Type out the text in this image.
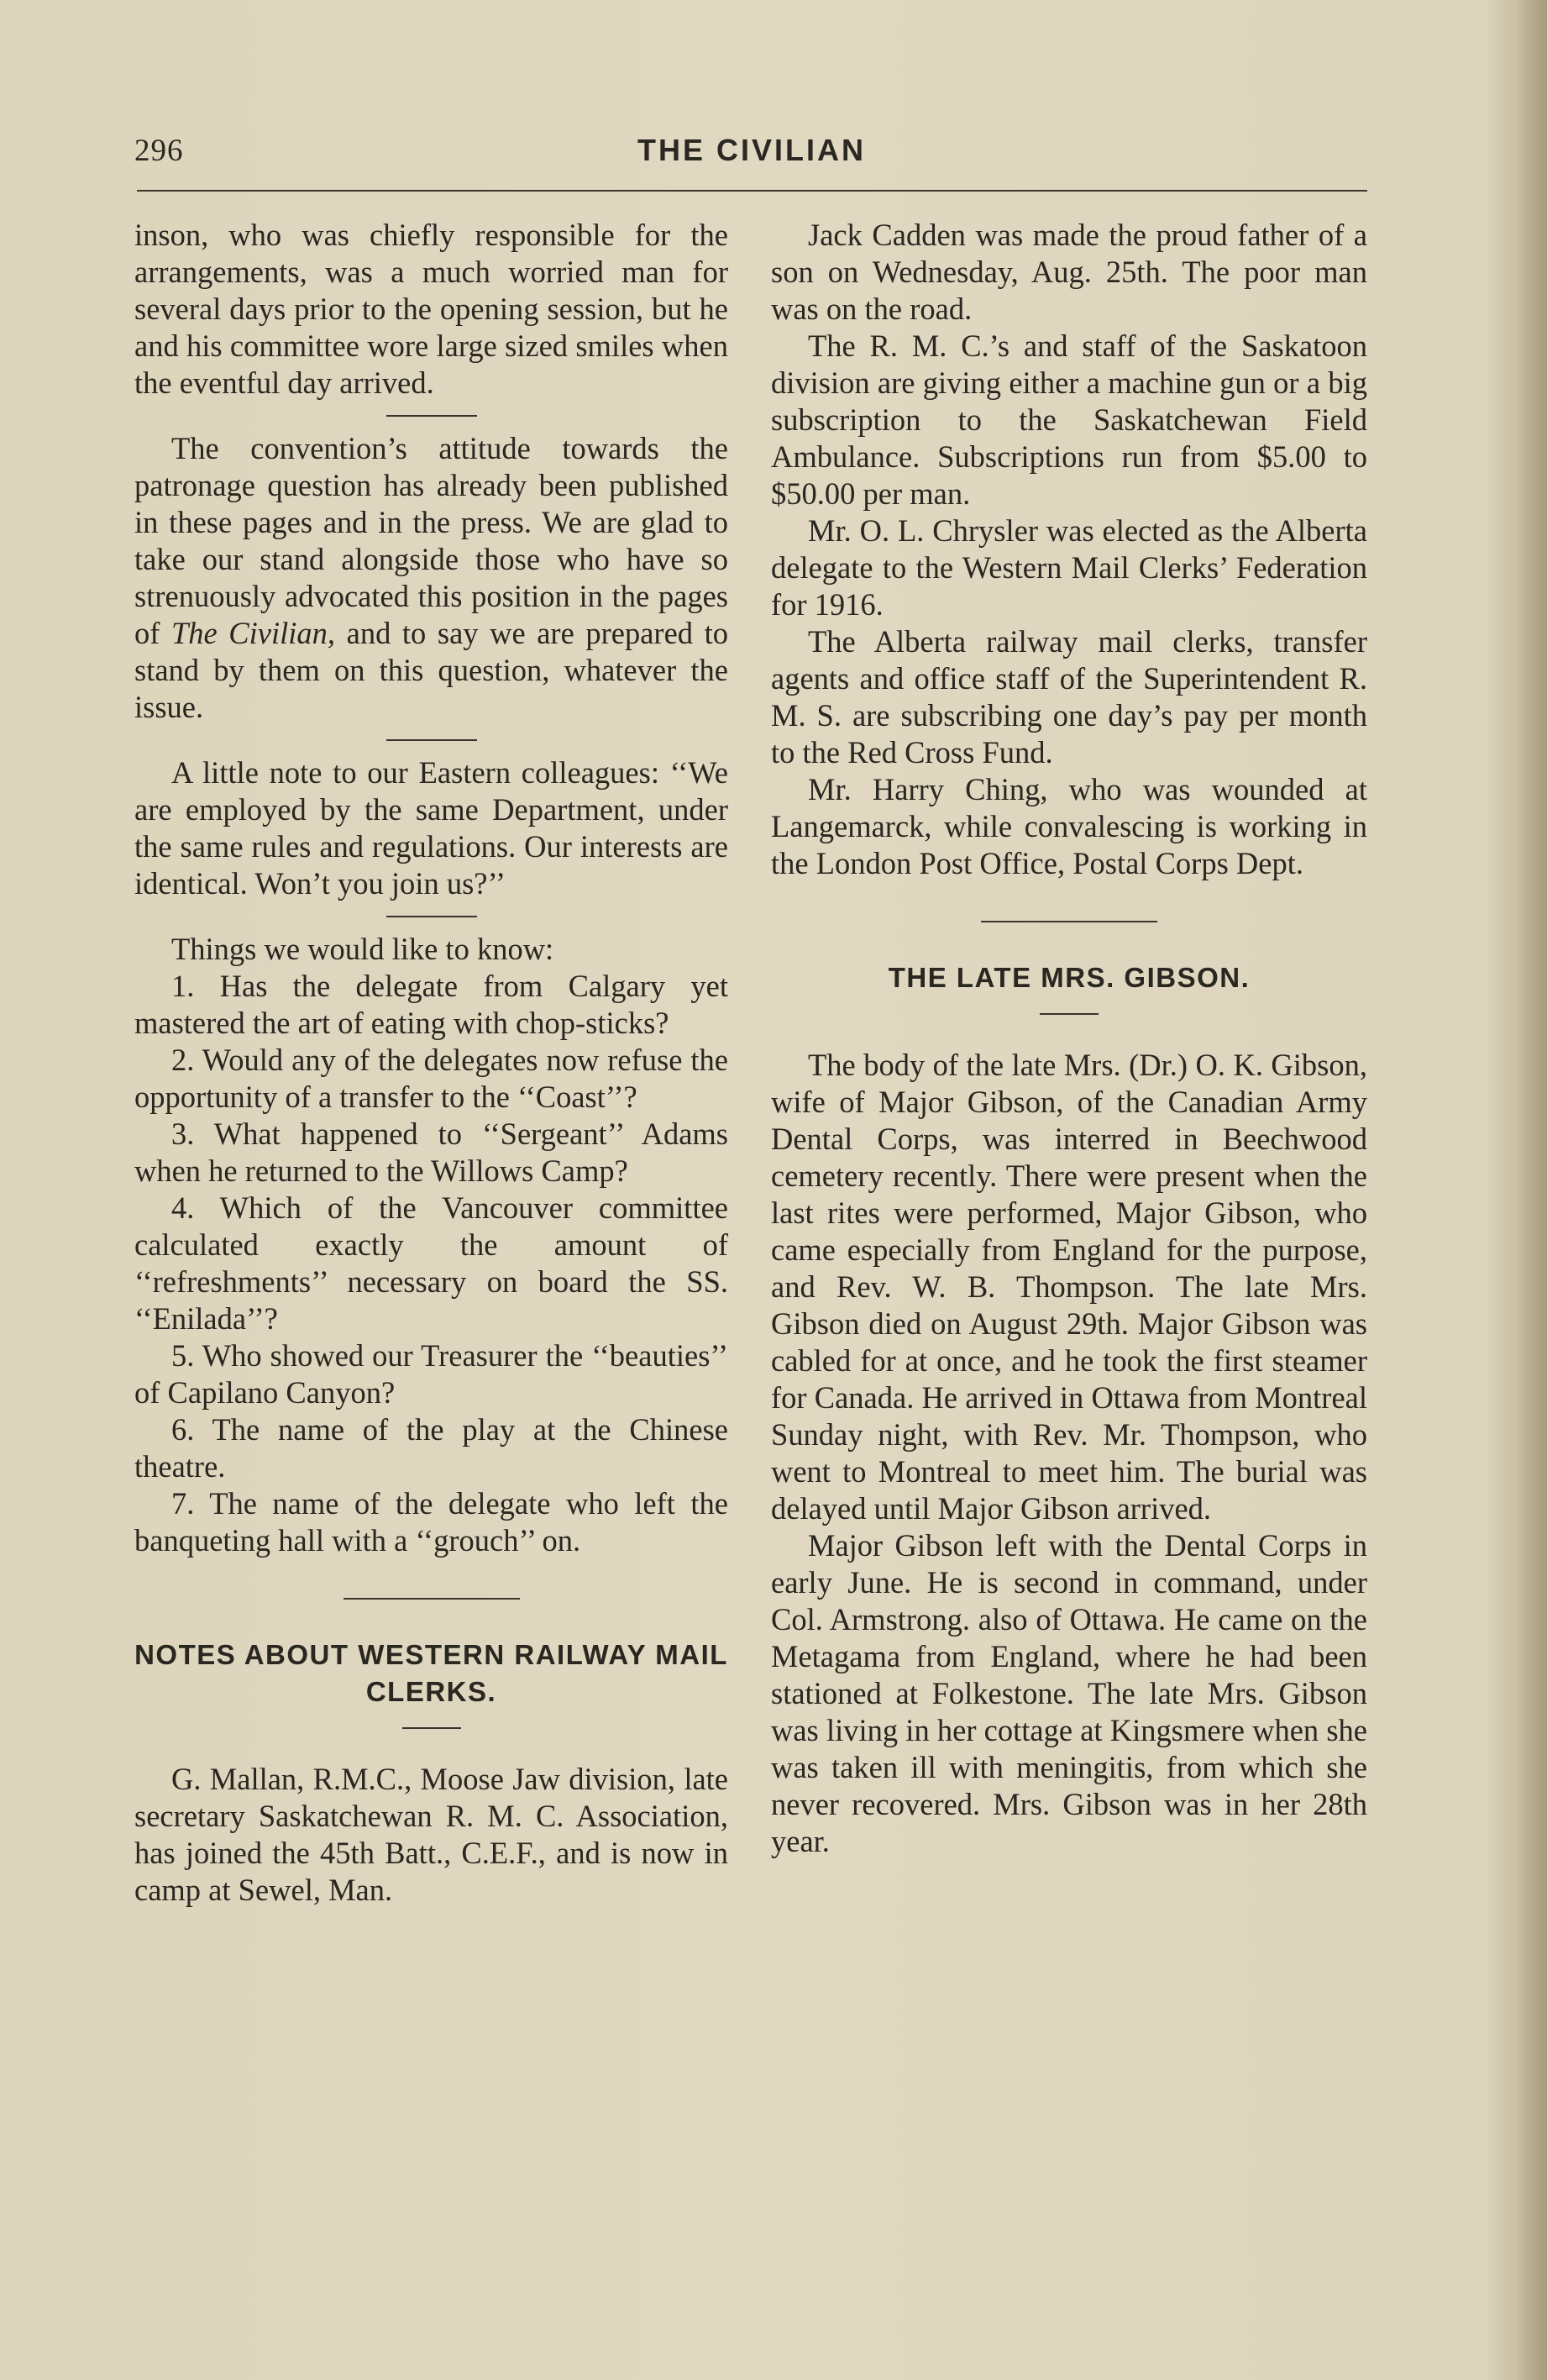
296	THE CIVILIAN

inson, who was chiefly responsible for the arrangements, was a much worried man for several days prior to the opening session, but he and his committee wore large sized smiles when the eventful day arrived.

The convention’s attitude towards the patronage question has already been published in these pages and in the press. We are glad to take our stand alongside those who have so strenuously advocated this position in the pages of The Civilian, and to say we are prepared to stand by them on this question, whatever the issue.

A little note to our Eastern colleagues: ‘‘We are employed by the same Department, under the same rules and regulations. Our interests are identical. Won’t you join us?’’

Things we would like to know:

1. Has the delegate from Calgary yet mastered the art of eating with chop-sticks?

2. Would any of the delegates now refuse the opportunity of a transfer to the ‘‘Coast’’?

3. What happened to ‘‘Sergeant’’ Adams when he returned to the Willows Camp?

4. Which of the Vancouver committee calculated exactly the amount of ‘‘refreshments’’ necessary on board the SS. ‘‘Enilada’’?

5. Who showed our Treasurer the ‘‘beauties’’ of Capilano Canyon?

6. The name of the play at the Chinese theatre.

7. The name of the delegate who left the banqueting hall with a ‘‘grouch’’ on.

NOTES ABOUT WESTERN RAILWAY MAIL CLERKS.

G. Mallan, R.M.C., Moose Jaw division, late secretary Saskatchewan R. M. C. Association, has joined the 45th Batt., C.E.F., and is now in camp at Sewel, Man.

Jack Cadden was made the proud father of a son on Wednesday, Aug. 25th. The poor man was on the road.

The R. M. C.’s and staff of the Saskatoon division are giving either a machine gun or a big subscription to the Saskatchewan Field Ambulance. Subscriptions run from $5.00 to $50.00 per man.

Mr. O. L. Chrysler was elected as the Alberta delegate to the Western Mail Clerks’ Federation for 1916.

The Alberta railway mail clerks, transfer agents and office staff of the Superintendent R. M. S. are subscribing one day’s pay per month to the Red Cross Fund.

Mr. Harry Ching, who was wounded at Langemarck, while convalescing is working in the London Post Office, Postal Corps Dept.

THE LATE MRS. GIBSON.

The body of the late Mrs. (Dr.) O. K. Gibson, wife of Major Gibson, of the Canadian Army Dental Corps, was interred in Beechwood cemetery recently. There were present when the last rites were performed, Major Gibson, who came especially from England for the purpose, and Rev. W. B. Thompson. The late Mrs. Gibson died on August 29th. Major Gibson was cabled for at once, and he took the first steamer for Canada. He arrived in Ottawa from Montreal Sunday night, with Rev. Mr. Thompson, who went to Montreal to meet him. The burial was delayed until Major Gibson arrived.

Major Gibson left with the Dental Corps in early June. He is second in command, under Col. Armstrong. also of Ottawa. He came on the Metagama from England, where he had been stationed at Folkestone. The late Mrs. Gibson was living in her cottage at Kingsmere when she was taken ill with meningitis, from which she never recovered. Mrs. Gibson was in her 28th year.
